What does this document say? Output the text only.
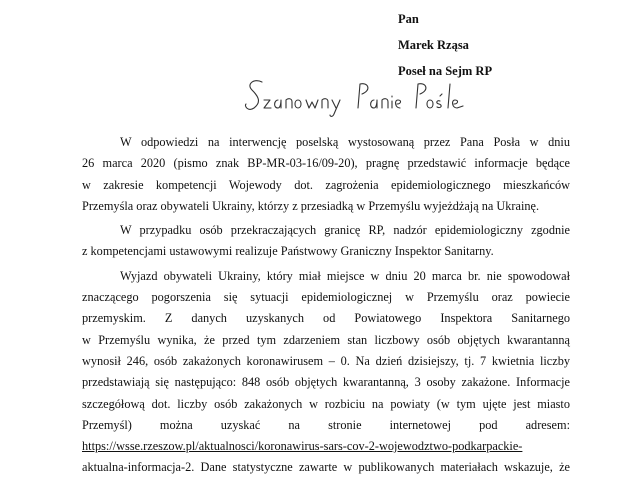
Pan
Marek Rząsa
Poseł na Sejm RP
W odpowiedzi na interwencję poselską wystosowaną przez Pana Posła w dniu
26 marca 2020 (pismo znak BP-MR-03-16/09-20), pragnę przedstawić informacje będące
w zakresie kompetencji Wojewody dot. zagrożenia epidemiologicznego mieszkańców
Przemyśla oraz obywateli Ukrainy, którzy z przesiadką w Przemyślu wyjeżdżają na Ukrainę.
W przypadku osób przekraczających granicę RP, nadzór epidemiologiczny zgodnie
z kompetencjami ustawowymi realizuje Państwowy Graniczny Inspektor Sanitarny.
Wyjazd obywateli Ukrainy, który miał miejsce w dniu 20 marca br. nie spowodował
znaczącego pogorszenia się sytuacji epidemiologicznej w Przemyślu oraz powiecie
przemyskim. Z danych uzyskanych od Powiatowego Inspektora Sanitarnego
w Przemyślu wynika, że przed tym zdarzeniem stan liczbowy osób objętych kwarantanną
wynosił 246, osób zakażonych koronawirusem – 0. Na dzień dzisiejszy, tj. 7 kwietnia liczby
przedstawiają się następująco: 848 osób objętych kwarantanną, 3 osoby zakażone. Informacje
szczegółową dot. liczby osób zakażonych w rozbiciu na powiaty (w tym ujęte jest miasto
Przemyśl) można uzyskać na stronie internetowej pod adresem:
https://wsse.rzeszow.pl/aktualnosci/koronawirus-sars-cov-2-wojewodztwo-podkarpackie-
aktualna-informacja-2. Dane statystyczne zawarte w publikowanych materiałach wskazuje, że
